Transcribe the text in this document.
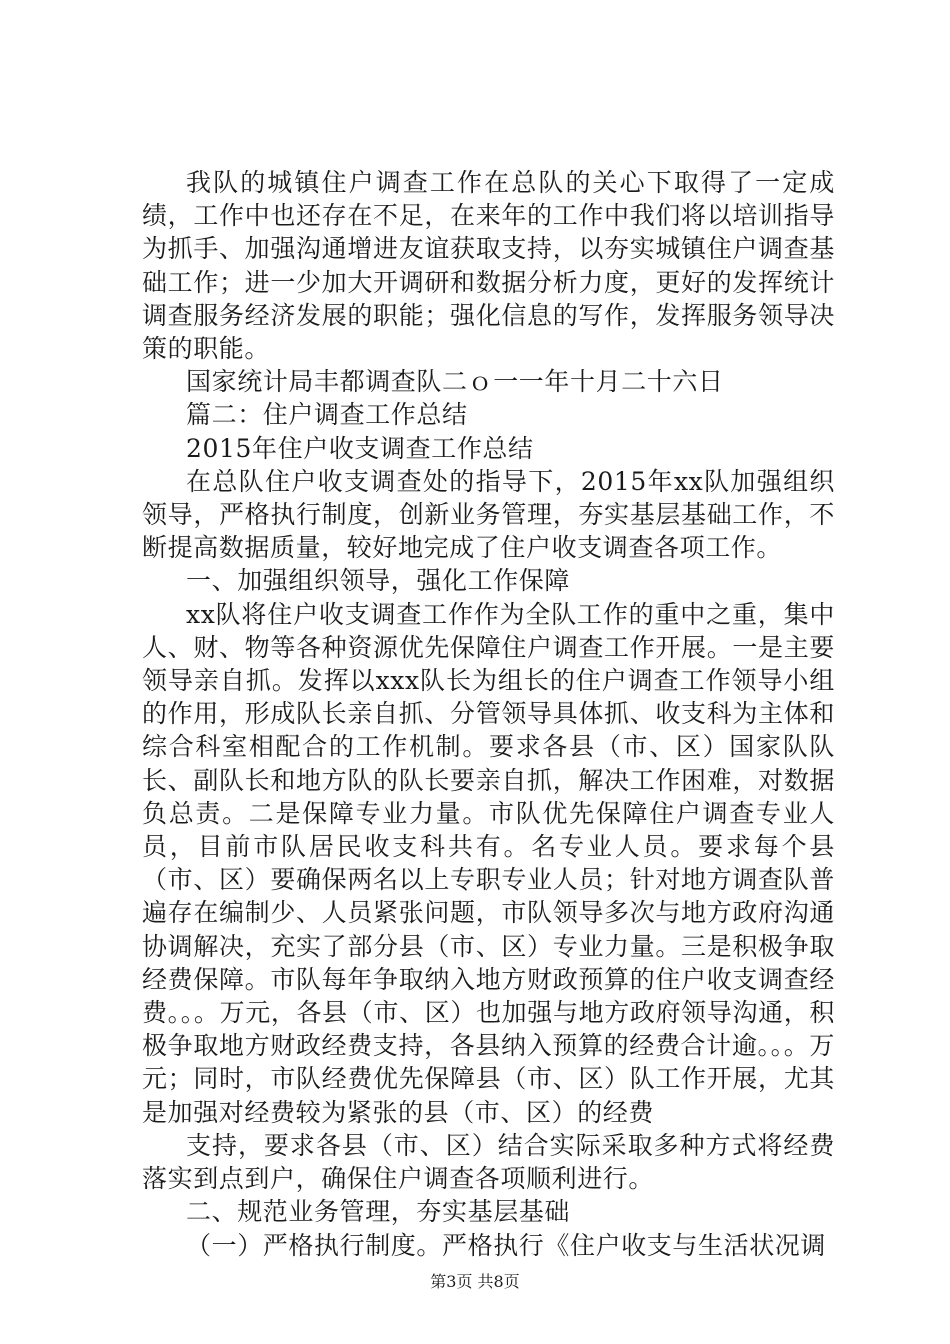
我队的城镇住户调查工作在总队的关心下取得了一定成绩，工作中也还存在不足，在来年的工作中我们将以培训指导为抓手、加强沟通增进友谊获取支持，以夯实城镇住户调查基础工作；进一少加大开调研和数据分析力度，更好的发挥统计调查服务经济发展的职能；强化信息的写作，发挥服务领导决策的职能。

国家统计局丰都调查队二ｏ一一年十月二十六日

篇二：住户调查工作总结

2015年住户收支调查工作总结

在总队住户收支调查处的指导下，2015年xx队加强组织领导，严格执行制度，创新业务管理，夯实基层基础工作，不断提高数据质量，较好地完成了住户收支调查各项工作。

一、加强组织领导，强化工作保障

xx队将住户收支调查工作作为全队工作的重中之重，集中人、财、物等各种资源优先保障住户调查工作开展。一是主要领导亲自抓。发挥以xxx队长为组长的住户调查工作领导小组的作用，形成队长亲自抓、分管领导具体抓、收支科为主体和综合科室相配合的工作机制。要求各县（市、区）国家队队长、副队长和地方队的队长要亲自抓，解决工作困难，对数据负总责。二是保障专业力量。市队优先保障住户调查专业人员，目前市队居民收支科共有。名专业人员。要求每个县（市、区）要确保两名以上专职专业人员；针对地方调查队普遍存在编制少、人员紧张问题，市队领导多次与地方政府沟通协调解决，充实了部分县（市、区）专业力量。三是积极争取经费保障。市队每年争取纳入地方财政预算的住户收支调查经费。。。万元，各县（市、区）也加强与地方政府领导沟通，积极争取地方财政经费支持，各县纳入预算的经费合计逾。。。万元；同时，市队经费优先保障县（市、区）队工作开展，尤其是加强对经费较为紧张的县（市、区）的经费

支持，要求各县（市、区）结合实际采取多种方式将经费落实到点到户，确保住户调查各项顺利进行。

二、规范业务管理，夯实基层基础

（一）严格执行制度。严格执行《住户收支与生活状况调

第3页 共8页
